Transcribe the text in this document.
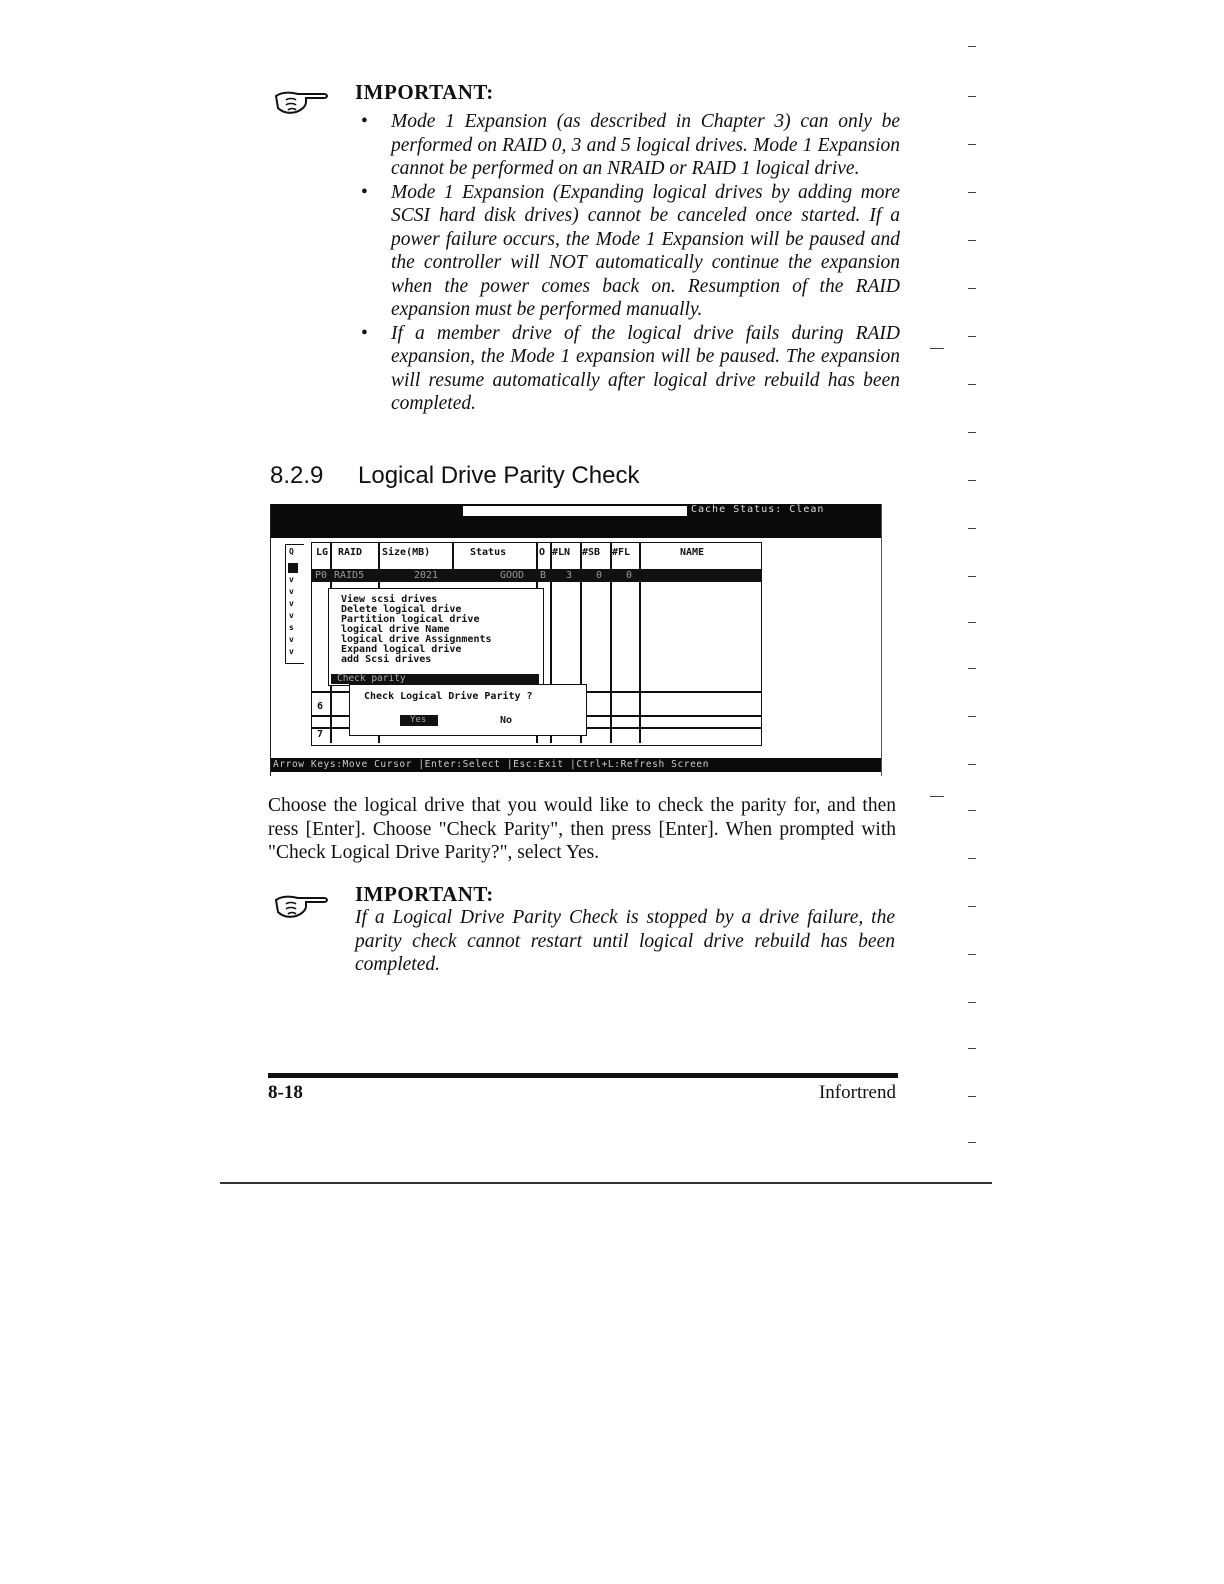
IMPORTANT:
• Mode 1 Expansion (as described in Chapter 3) can only be performed on RAID 0, 3 and 5 logical drives. Mode 1 Expansion cannot be performed on an NRAID or RAID 1 logical drive.
• Mode 1 Expansion (Expanding logical drives by adding more SCSI hard disk drives) cannot be canceled once started. If a power failure occurs, the Mode 1 Expansion will be paused and the controller will NOT automatically continue the expansion when the power comes back on. Resumption of the RAID expansion must be performed manually.
• If a member drive of the logical drive fails during RAID expansion, the Mode 1 expansion will be paused. The expansion will resume automatically after logical drive rebuild has been completed.
8.2.9 Logical Drive Parity Check
Cache Status: Clean
Q
v
v
v
v
s
v
v
LG RAID Size(MB)	Status	O #LN #SB #FL	NAME
P0 RAID5	2021	GOOD B 3 0 0
6
7
View scsi drives
Delete logical drive
Partition logical drive
logical drive Name
logical drive Assignments
Expand logical drive
add Scsi drives
Check parity
Check Logical Drive Parity ?
Yes	No
Arrow Keys:Move Cursor |Enter:Select |Esc:Exit |Ctrl+L:Refresh Screen

Choose the logical drive that you would like to check the parity for, and then ress [Enter]. Choose "Check Parity", then press [Enter]. When prompted with "Check Logical Drive Parity?", select Yes.

IMPORTANT:

If a Logical Drive Parity Check is stopped by a drive failure, the parity check cannot restart until logical drive rebuild has been completed.

8-18	Infortrend
